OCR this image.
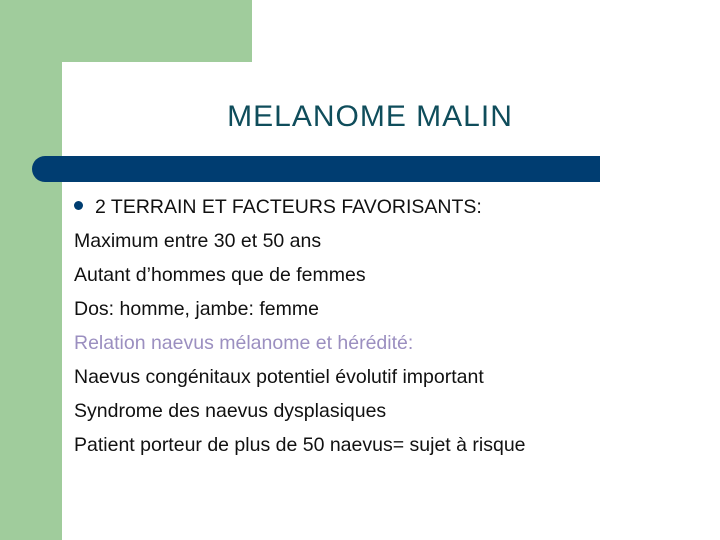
MELANOME MALIN
2 TERRAIN ET FACTEURS FAVORISANTS:
Maximum entre 30 et 50 ans
Autant d’hommes que de femmes
Dos: homme, jambe: femme
Relation naevus mélanome et hérédité:
Naevus congénitaux potentiel évolutif important
Syndrome des naevus dysplasiques
Patient porteur de plus de 50 naevus= sujet à risque
